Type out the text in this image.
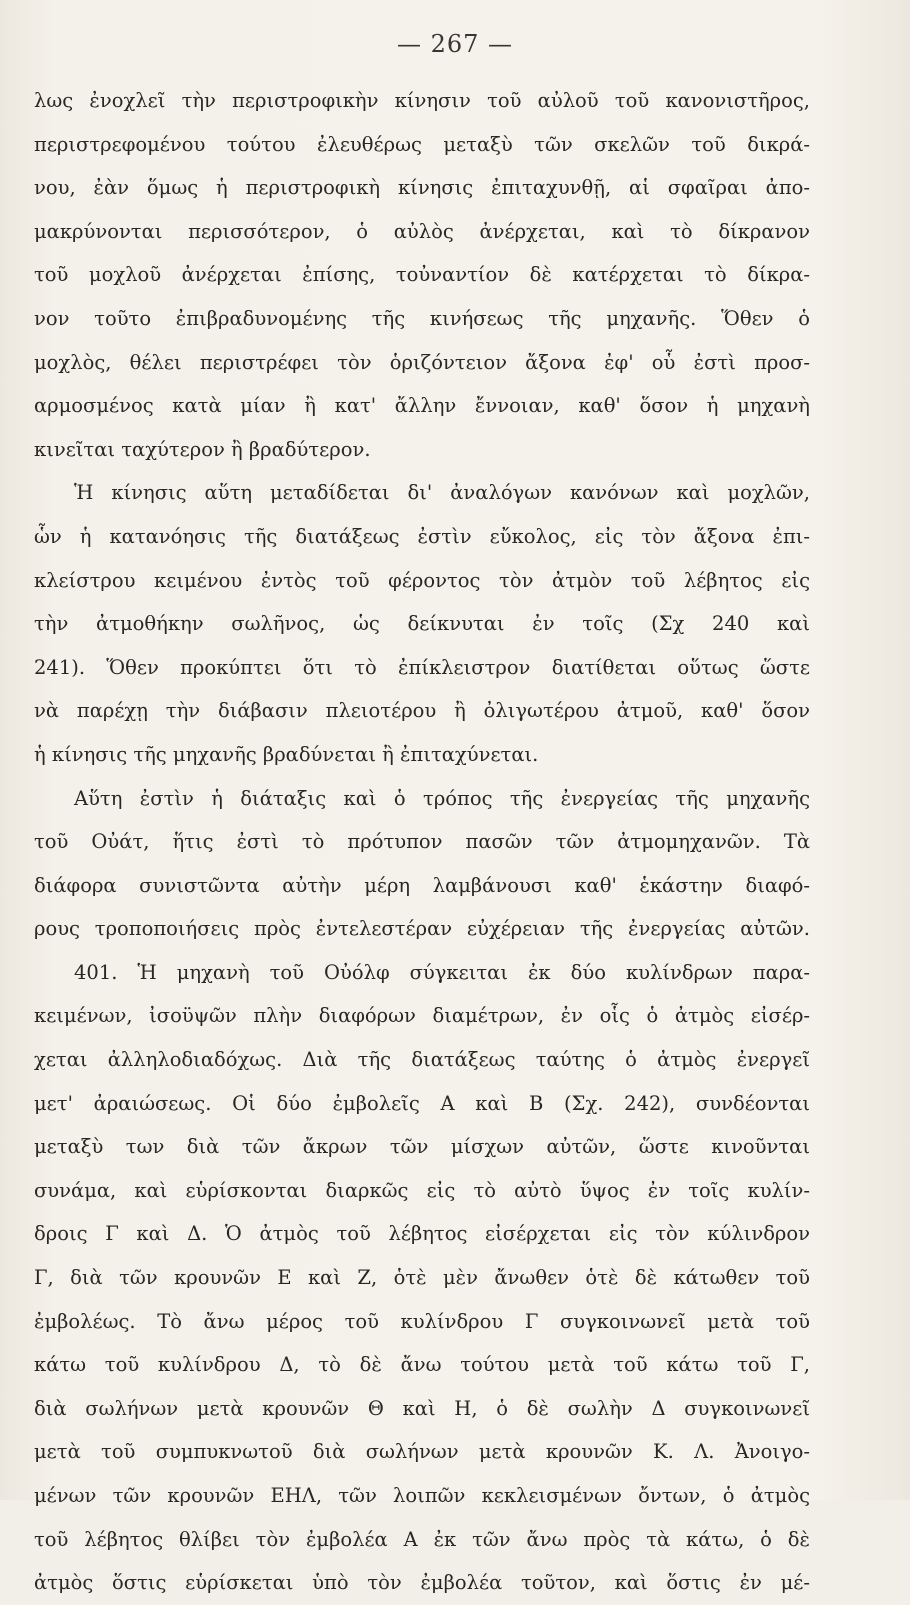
— 267 —
λως ἐνοχλεῖ τὴν περιστροφικὴν κίνησιν τοῦ αὐλοῦ τοῦ κανονιστῆρος,
περιστρεφομένου τούτου ἐλευθέρως μεταξὺ τῶν σκελῶν τοῦ δικρά-
νου, ἐὰν ὅμως ἡ περιστροφικὴ κίνησις ἐπιταχυνθῇ, αἱ σφαῖραι ἀπο-
μακρύνονται περισσότερον, ὁ αὐλὸς ἀνέρχεται, καὶ τὸ δίκρανον
τοῦ μοχλοῦ ἀνέρχεται ἐπίσης, τοὐναντίον δὲ κατέρχεται τὸ δίκρα-
νον τοῦτο ἐπιβραδυνομένης τῆς κινήσεως τῆς μηχανῆς. Ὅθεν ὁ
μοχλὸς, θέλει περιστρέφει τὸν ὁριζόντειον ἄξονα ἐφ' οὗ ἐστὶ προσ-
αρμοσμένος κατὰ μίαν ἢ κατ' ἄλλην ἔννοιαν, καθ' ὅσον ἡ μηχανὴ
κινεῖται ταχύτερον ἢ βραδύτερον.
Ἡ κίνησις αὕτη μεταδίδεται δι' ἀναλόγων κανόνων καὶ μοχλῶν,
ὧν ἡ κατανόησις τῆς διατάξεως ἐστὶν εὔκολος, εἰς τὸν ἄξονα ἐπι-
κλείστρου κειμένου ἐντὸς τοῦ φέροντος τὸν ἀτμὸν τοῦ λέβητος εἰς
τὴν ἀτμοθήκην σωλῆνος, ὡς δείκνυται ἐν τοῖς (Σχ 240 καὶ
241). Ὅθεν προκύπτει ὅτι τὸ ἐπίκλειστρον διατίθεται οὕτως ὥστε
νὰ παρέχῃ τὴν διάβασιν πλειοτέρου ἢ ὀλιγωτέρου ἀτμοῦ, καθ' ὅσον
ἡ κίνησις τῆς μηχανῆς βραδύνεται ἢ ἐπιταχύνεται.
Αὕτη ἐστὶν ἡ διάταξις καὶ ὁ τρόπος τῆς ἐνεργείας τῆς μηχανῆς
τοῦ Οὐάτ, ἥτις ἐστὶ τὸ πρότυπον πασῶν τῶν ἀτμομηχανῶν. Τὰ
διάφορα συνιστῶντα αὐτὴν μέρη λαμβάνουσι καθ' ἑκάστην διαφό-
ρους τροποποιήσεις πρὸς ἐντελεστέραν εὐχέρειαν τῆς ἐνεργείας αὐτῶν.
401. Ἡ μηχανὴ τοῦ Οὐόλφ σύγκειται ἐκ δύο κυλίνδρων παρα-
κειμένων, ἰσοϋψῶν πλὴν διαφόρων διαμέτρων, ἐν οἷς ὁ ἀτμὸς εἰσέρ-
χεται ἀλληλοδιαδόχως. Διὰ τῆς διατάξεως ταύτης ὁ ἀτμὸς ἐνεργεῖ
μετ' ἀραιώσεως. Οἱ δύο ἐμβολεῖς Α καὶ Β (Σχ. 242), συνδέονται
μεταξὺ των διὰ τῶν ἄκρων τῶν μίσχων αὐτῶν, ὥστε κινοῦνται
συνάμα, καὶ εὑρίσκονται διαρκῶς εἰς τὸ αὐτὸ ὕψος ἐν τοῖς κυλίν-
δροις Γ καὶ Δ. Ὁ ἀτμὸς τοῦ λέβητος εἰσέρχεται εἰς τὸν κύλινδρον
Γ, διὰ τῶν κρουνῶν Ε καὶ Ζ, ὁτὲ μὲν ἄνωθεν ὁτὲ δὲ κάτωθεν τοῦ
ἐμβολέως. Τὸ ἄνω μέρος τοῦ κυλίνδρου Γ συγκοινωνεῖ μετὰ τοῦ
κάτω τοῦ κυλίνδρου Δ, τὸ δὲ ἄνω τούτου μετὰ τοῦ κάτω τοῦ Γ,
διὰ σωλήνων μετὰ κρουνῶν Θ καὶ Η, ὁ δὲ σωλὴν Δ συγκοινωνεῖ
μετὰ τοῦ συμπυκνωτοῦ διὰ σωλήνων μετὰ κρουνῶν Κ. Λ. Ἀνοιγο-
μένων τῶν κρουνῶν ΕΗΛ, τῶν λοιπῶν κεκλεισμένων ὄντων, ὁ ἀτμὸς
τοῦ λέβητος θλίβει τὸν ἐμβολέα Α ἐκ τῶν ἄνω πρὸς τὰ κάτω, ὁ δὲ
ἀτμὸς ὅστις εὑρίσκεται ὑπὸ τὸν ἐμβολέα τοῦτον, καὶ ὅστις ἐν μέ-
